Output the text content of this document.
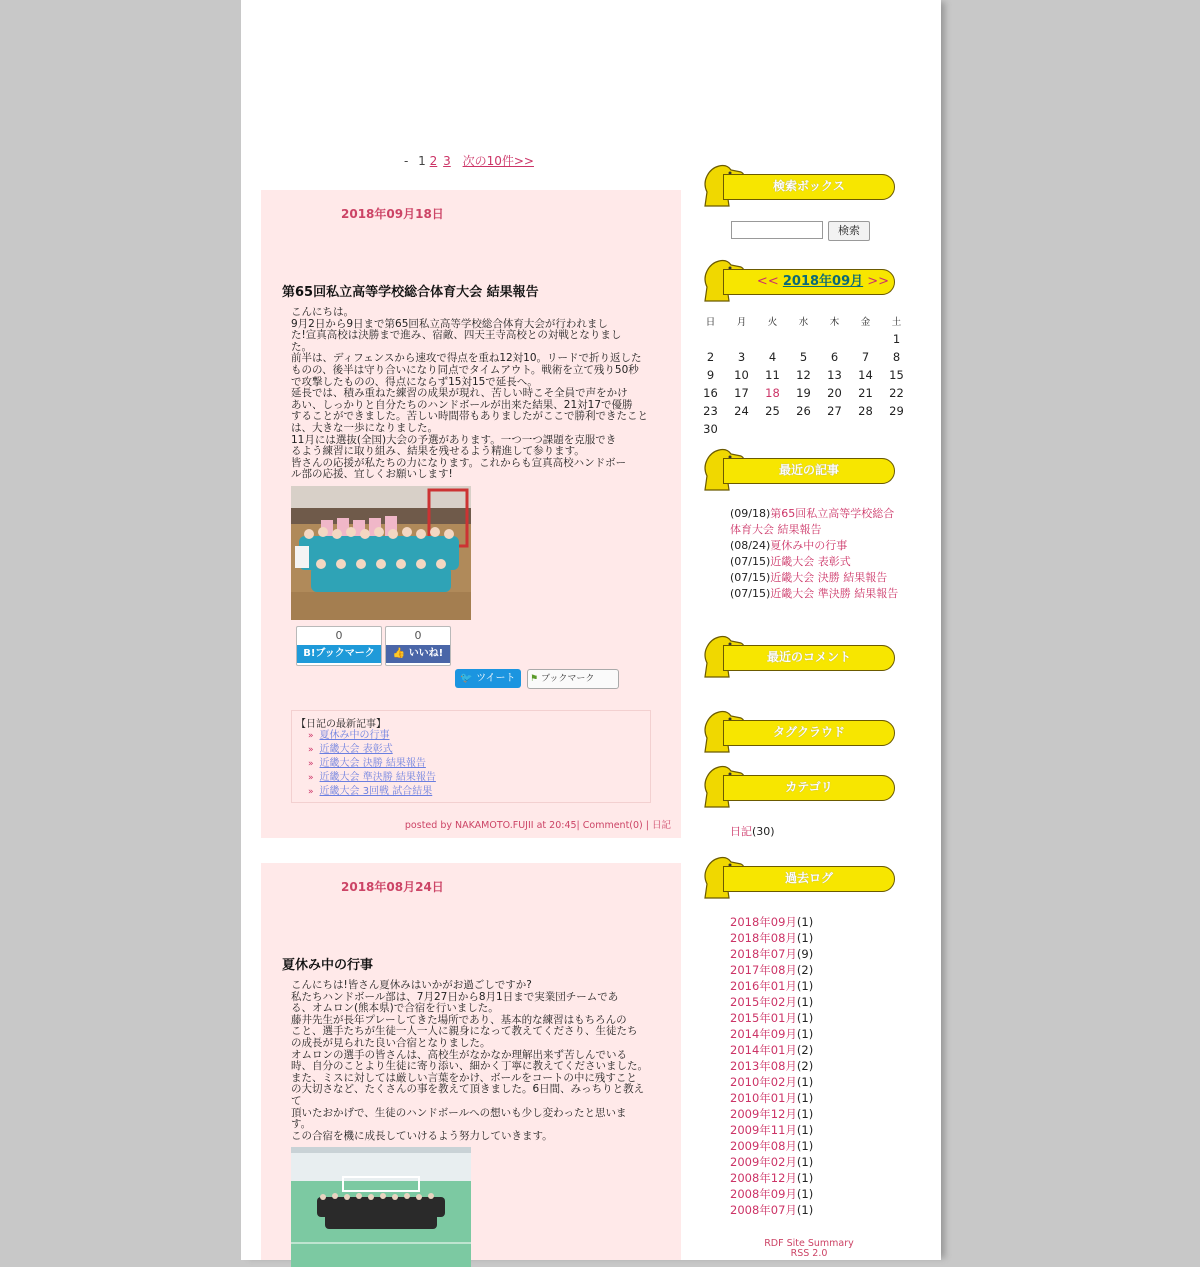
- 1 2 3 次の10件>>
2018年09月18日
第65回私立高等学校総合体育大会 結果報告
こんにちは。
9月2日から9日まで第65回私立高等学校総合体育大会が行われまし
た!宣真高校は決勝まで進み、宿敵、四天王寺高校との対戦となりまし
た。
前半は、ディフェンスから速攻で得点を重ね12対10。リードで折り返した
ものの、後半は守り合いになり同点でタイムアウト。戦術を立て残り50秒
で攻撃したものの、得点にならず15対15で延長へ。
延長では、積み重ねた練習の成果が現れ、苦しい時こそ全員で声をかけ
あい、しっかりと自分たちのハンドボールが出来た結果、21対17で優勝
することができました。苦しい時間帯もありましたがここで勝利できたこと
は、大きな一歩になりました。
11月には選抜(全国)大会の予選があります。一つ一つ課題を克服でき
るよう練習に取り組み、結果を残せるよう精進して参ります。
皆さんの応援が私たちの力になります。これからも宣真高校ハンドボー
ル部の応援、宜しくお願いします!
0
B!ブックマーク
0
👍 いいね!
🐦 ツイート	⚑ ブックマーク
【日記の最新記事】
» 夏休み中の行事
» 近畿大会 表彰式
» 近畿大会 決勝 結果報告
» 近畿大会 準決勝 結果報告
» 近畿大会 3回戦 試合結果
posted by NAKAMOTO.FUJII at 20:45| Comment(0) | 日記
2018年08月24日
夏休み中の行事
こんにちは!皆さん夏休みはいかがお過ごしですか?
私たちハンドボール部は、7月27日から8月1日まで実業団チームであ
る、オムロン(熊本県)で合宿を行いました。
藤井先生が長年プレーしてきた場所であり、基本的な練習はもちろんの
こと、選手たちが生徒一人一人に親身になって教えてくださり、生徒たち
の成長が見られた良い合宿となりました。
オムロンの選手の皆さんは、高校生がなかなか理解出来ず苦しんでいる
時、自分のことより生徒に寄り添い、細かく丁寧に教えてくださいました。
また、ミスに対しては厳しい言葉をかけ、ボールをコートの中に残すこと
の大切さなど、たくさんの事を教えて頂きました。6日間、みっちりと教えて
頂いたおかげで、生徒のハンドボールへの想いも少し変わったと思いま
す。
この合宿を機に成長していけるよう努力していきます。
検索ボックス
検索
<< 2018年09月 >>
日	月	火	水	木	金	土
						1
2	3	4	5	6	7	8
9	10	11	12	13	14	15
16	17	18	19	20	21	22
23	24	25	26	27	28	29
30						
最近の記事
(09/18)第65回私立高等学校総合体育大会 結果報告
(08/24)夏休み中の行事
(07/15)近畿大会 表彰式
(07/15)近畿大会 決勝 結果報告
(07/15)近畿大会 準決勝 結果報告
最近のコメント
タグクラウド
カテゴリ
日記(30)
過去ログ
2018年09月(1)
2018年08月(1)
2018年07月(9)
2017年08月(2)
2016年01月(1)
2015年02月(1)
2015年01月(1)
2014年09月(1)
2014年01月(2)
2013年08月(2)
2010年02月(1)
2010年01月(1)
2009年12月(1)
2009年11月(1)
2009年08月(1)
2009年02月(1)
2008年12月(1)
2008年09月(1)
2008年07月(1)
RDF Site Summary
RSS 2.0
